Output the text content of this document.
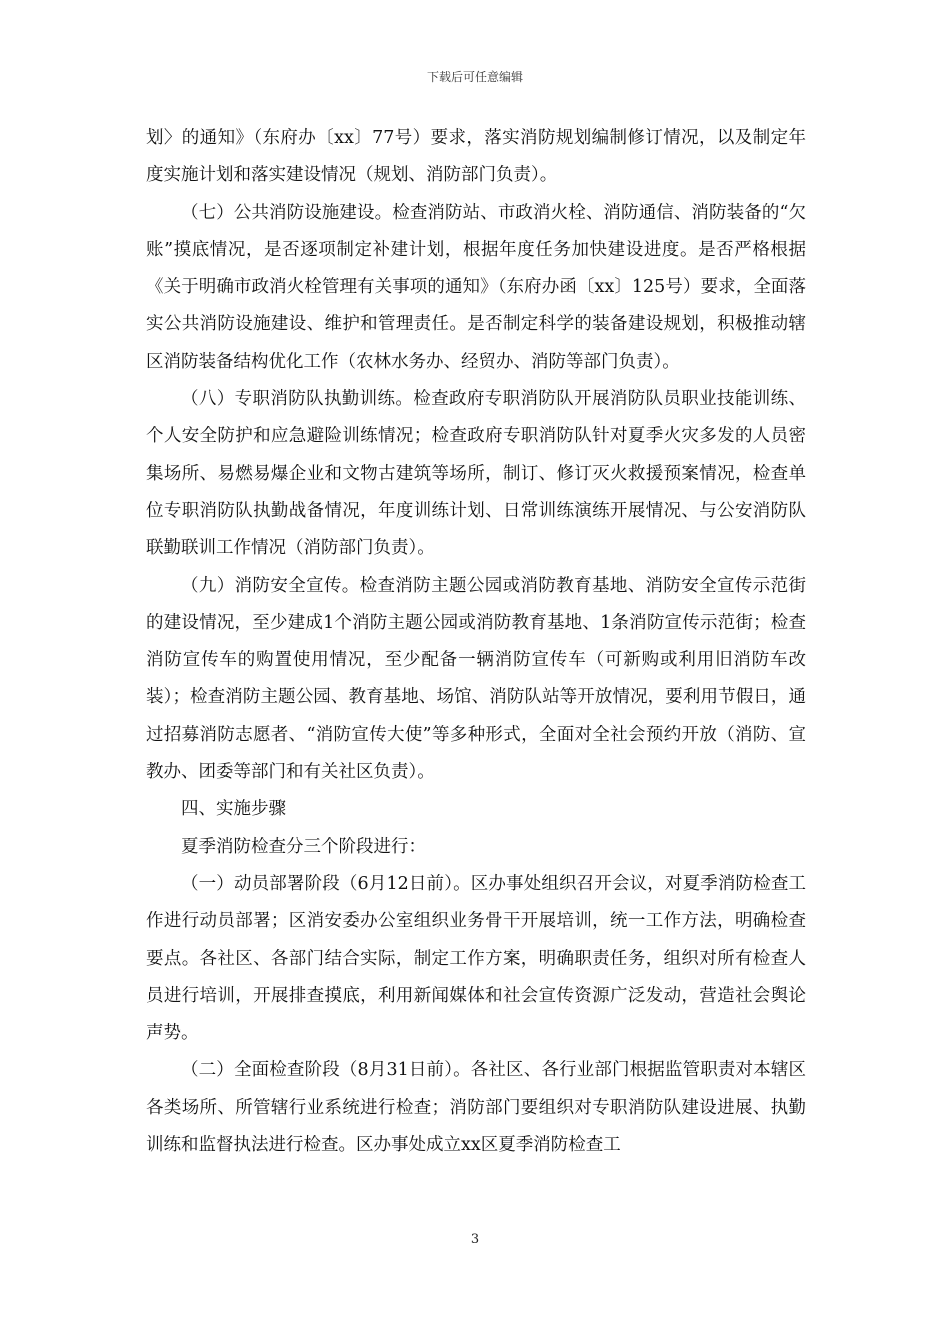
下载后可任意编辑

划〉的通知》（东府办〔xx〕77号）要求，落实消防规划编制修订情况，以及制定年度实施计划和落实建设情况（规划、消防部门负责）。

（七）公共消防设施建设。检查消防站、市政消火栓、消防通信、消防装备的“欠账”摸底情况，是否逐项制定补建计划，根据年度任务加快建设进度。是否严格根据《关于明确市政消火栓管理有关事项的通知》（东府办函〔xx〕125号）要求，全面落实公共消防设施建设、维护和管理责任。是否制定科学的装备建设规划，积极推动辖区消防装备结构优化工作（农林水务办、经贸办、消防等部门负责）。

（八）专职消防队执勤训练。检查政府专职消防队开展消防队员职业技能训练、个人安全防护和应急避险训练情况；检查政府专职消防队针对夏季火灾多发的人员密集场所、易燃易爆企业和文物古建筑等场所，制订、修订灭火救援预案情况，检查单位专职消防队执勤战备情况，年度训练计划、日常训练演练开展情况、与公安消防队联勤联训工作情况（消防部门负责）。

（九）消防安全宣传。检查消防主题公园或消防教育基地、消防安全宣传示范街的建设情况，至少建成1个消防主题公园或消防教育基地、1条消防宣传示范街；检查消防宣传车的购置使用情况，至少配备一辆消防宣传车（可新购或利用旧消防车改装）；检查消防主题公园、教育基地、场馆、消防队站等开放情况，要利用节假日，通过招募消防志愿者、“消防宣传大使”等多种形式，全面对全社会预约开放（消防、宣教办、团委等部门和有关社区负责）。

四、实施步骤

夏季消防检查分三个阶段进行：

（一）动员部署阶段（6月12日前）。区办事处组织召开会议，对夏季消防检查工作进行动员部署；区消安委办公室组织业务骨干开展培训，统一工作方法，明确检查要点。各社区、各部门结合实际，制定工作方案，明确职责任务，组织对所有检查人员进行培训，开展排查摸底，利用新闻媒体和社会宣传资源广泛发动，营造社会舆论声势。

（二）全面检查阶段（8月31日前）。各社区、各行业部门根据监管职责对本辖区各类场所、所管辖行业系统进行检查；消防部门要组织对专职消防队建设进展、执勤训练和监督执法进行检查。区办事处成立xx区夏季消防检查工

3
